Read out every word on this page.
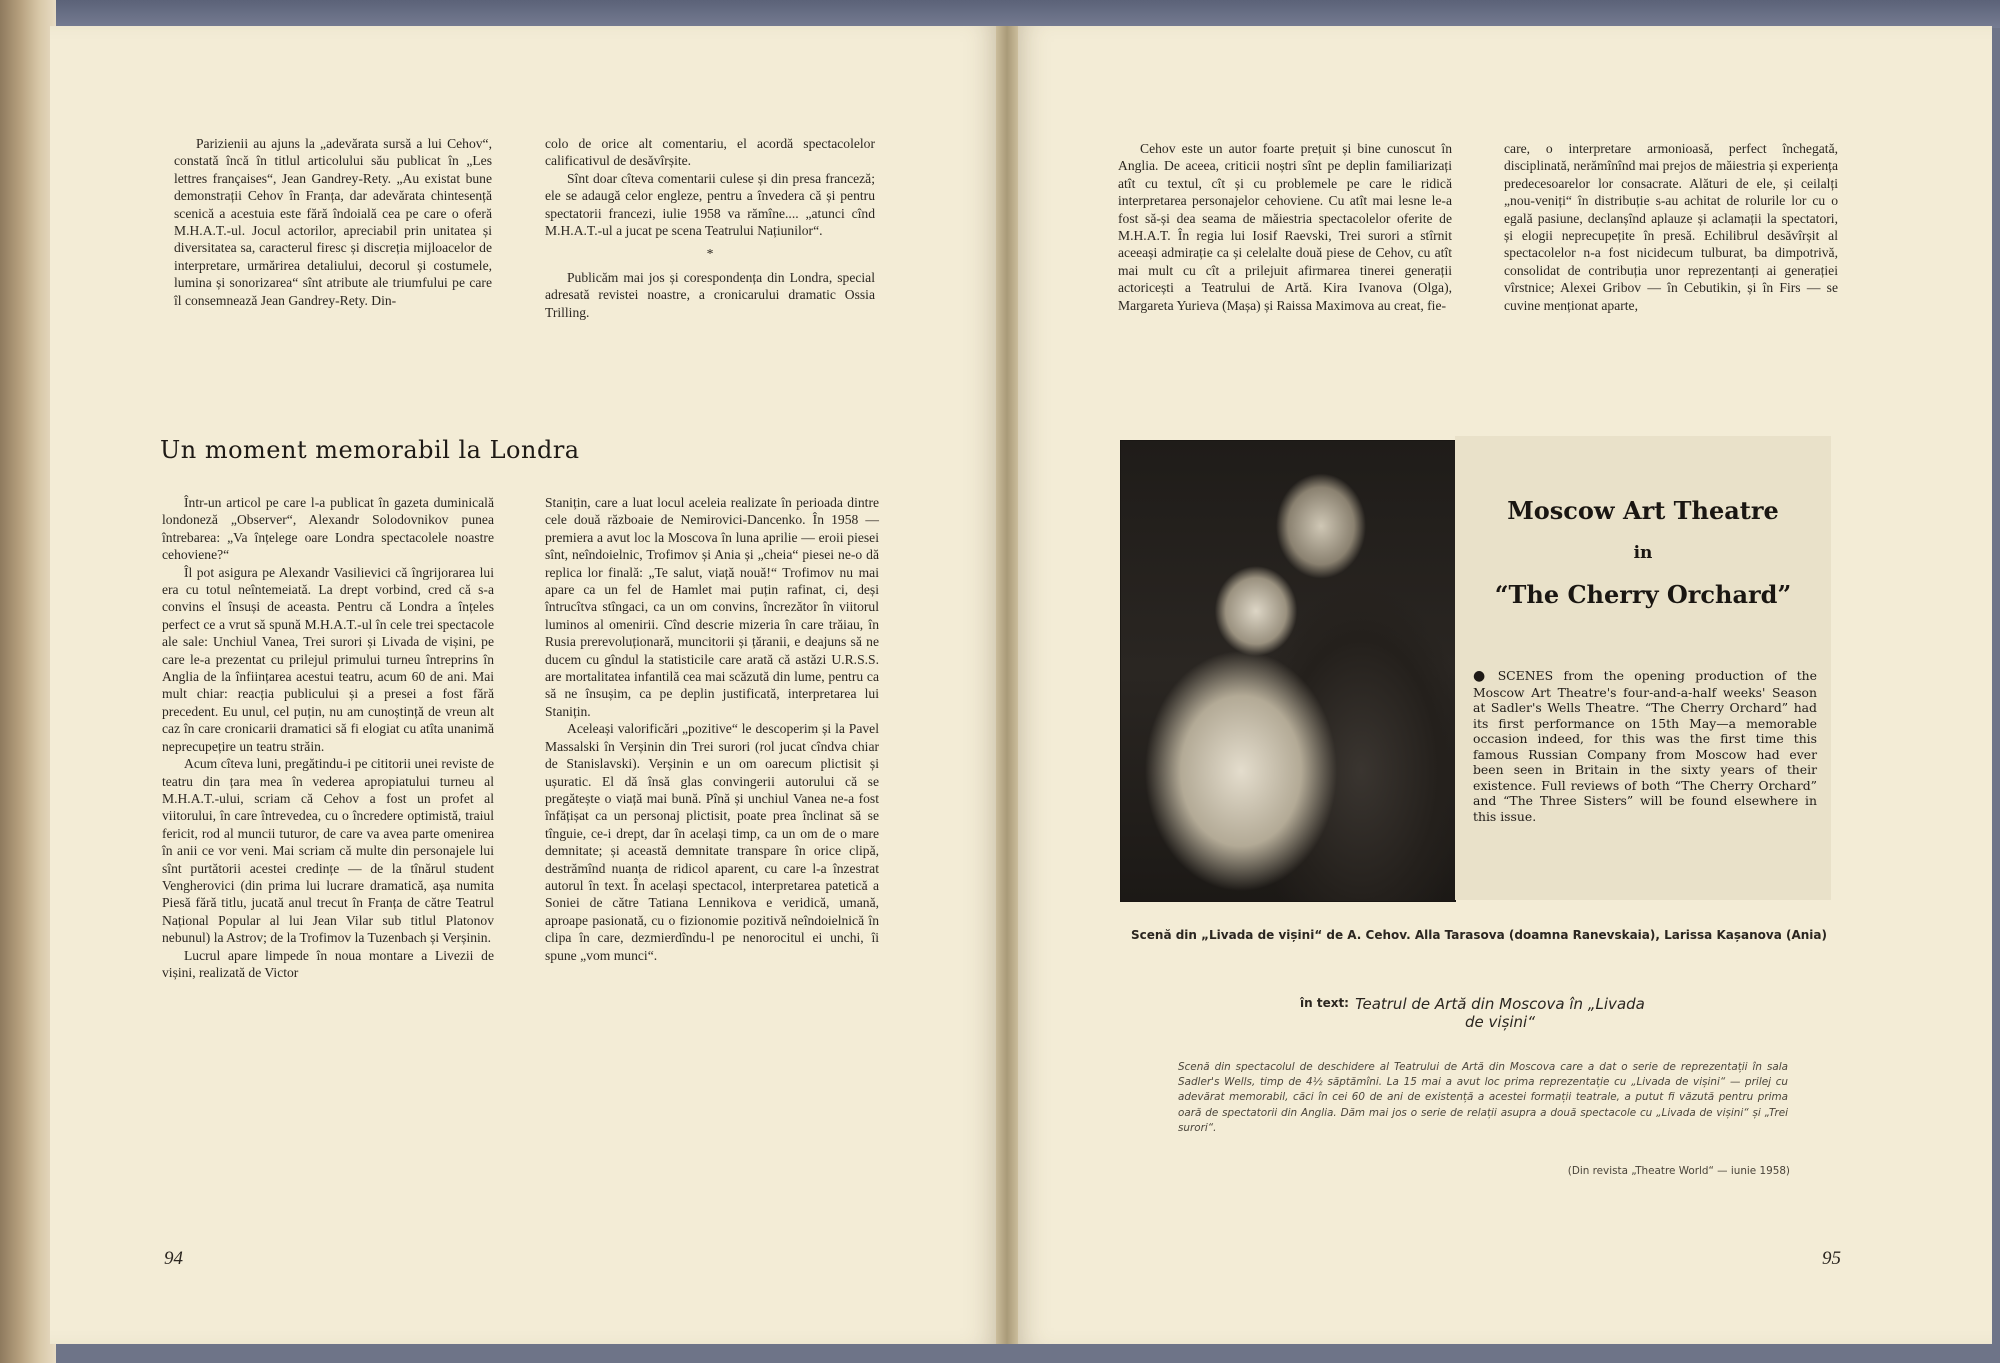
Parizienii au ajuns la „adevărata sursă a lui Cehov“, constată încă în titlul articolului său publicat în „Les lettres françaises“, Jean Gandrey-Rety. „Au existat bune demonstrații Cehov în Franța, dar adevărata chintesență scenică a acestuia este fără îndoială cea pe care o oferă M.H.A.T.-ul. Jocul actorilor, apreciabil prin unitatea și diversitatea sa, caracterul firesc și discreția mijloacelor de interpretare, urmărirea detaliului, decorul și costumele, lumina și sonorizarea“ sînt atribute ale triumfului pe care îl consemnează Jean Gandrey-Rety. Din-

colo de orice alt comentariu, el acordă spectacolelor calificativul de desăvîrșite.

Sînt doar cîteva comentarii culese și din presa franceză; ele se adaugă celor engleze, pentru a învedera că și pentru spectatorii francezi, iulie 1958 va rămîne.... „atunci cînd M.H.A.T.-ul a jucat pe scena Teatrului Națiunilor“.

*

Publicăm mai jos și corespondența din Londra, special adresată revistei noastre, a cronicarului dramatic Ossia Trilling.

Un moment memorabil la Londra

Într-un articol pe care l-a publicat în gazeta duminicală londoneză „Observer“, Alexandr Solodovnikov punea întrebarea: „Va înțelege oare Londra spectacolele noastre cehoviene?“

Îl pot asigura pe Alexandr Vasilievici că îngrijorarea lui era cu totul neîntemeiată. La drept vorbind, cred că s-a convins el însuși de aceasta. Pentru că Londra a înțeles perfect ce a vrut să spună M.H.A.T.-ul în cele trei spectacole ale sale: Unchiul Vanea, Trei surori și Livada de vișini, pe care le-a prezentat cu prilejul primului turneu întreprins în Anglia de la înființarea acestui teatru, acum 60 de ani. Mai mult chiar: reacția publicului și a presei a fost fără precedent. Eu unul, cel puțin, nu am cunoștință de vreun alt caz în care cronicarii dramatici să fi elogiat cu atîta unanimă neprecupețire un teatru străin.

Acum cîteva luni, pregătindu-i pe cititorii unei reviste de teatru din țara mea în vederea apropiatului turneu al M.H.A.T.-ului, scriam că Cehov a fost un profet al viitorului, în care întrevedea, cu o încredere optimistă, traiul fericit, rod al muncii tuturor, de care va avea parte omenirea în anii ce vor veni. Mai scriam că multe din personajele lui sînt purtătorii acestei credințe — de la tînărul student Vengherovici (din prima lui lucrare dramatică, așa numita Piesă fără titlu, jucată anul trecut în Franța de către Teatrul Național Popular al lui Jean Vilar sub titlul Platonov nebunul) la Astrov; de la Trofimov la Tuzenbach și Verșinin.

Lucrul apare limpede în noua montare a Livezii de vișini, realizată de Victor

Stanițin, care a luat locul aceleia realizate în perioada dintre cele două războaie de Nemirovici-Dancenko. În 1958 — premiera a avut loc la Moscova în luna aprilie — eroii piesei sînt, neîndoielnic, Trofimov și Ania și „cheia“ piesei ne-o dă replica lor finală: „Te salut, viață nouă!“ Trofimov nu mai apare ca un fel de Hamlet mai puțin rafinat, ci, deși întrucîtva stîngaci, ca un om convins, încrezător în viitorul luminos al omenirii. Cînd descrie mizeria în care trăiau, în Rusia prerevoluționară, muncitorii și țăranii, e deajuns să ne ducem cu gîndul la statisticile care arată că astăzi U.R.S.S. are mortalitatea infantilă cea mai scăzută din lume, pentru ca să ne însușim, ca pe deplin justificată, interpretarea lui Stanițin.

Aceleași valorificări „pozitive“ le descoperim și la Pavel Massalski în Verșinin din Trei surori (rol jucat cîndva chiar de Stanislavski). Verșinin e un om oarecum plictisit și ușuratic. El dă însă glas convingerii autorului că se pregătește o viață mai bună. Pînă și unchiul Vanea ne-a fost înfățișat ca un personaj plictisit, poate prea înclinat să se tînguie, ce-i drept, dar în același timp, ca un om de o mare demnitate; și această demnitate transpare în orice clipă, destrămînd nuanța de ridicol aparent, cu care l-a înzestrat autorul în text. În același spectacol, interpretarea patetică a Soniei de către Tatiana Lennikova e veridică, umană, aproape pasionată, cu o fizionomie pozitivă neîndoielnică în clipa în care, dezmierdîndu-l pe nenorocitul ei unchi, îi spune „vom munci“.

94

Cehov este un autor foarte prețuit și bine cunoscut în Anglia. De aceea, criticii noștri sînt pe deplin familiarizați atît cu textul, cît și cu problemele pe care le ridică interpretarea personajelor cehoviene. Cu atît mai lesne le-a fost să-și dea seama de măiestria spectacolelor oferite de M.H.A.T. În regia lui Iosif Raevski, Trei surori a stîrnit aceeași admirație ca și celelalte două piese de Cehov, cu atît mai mult cu cît a prilejuit afirmarea tinerei generații actoricești a Teatrului de Artă. Kira Ivanova (Olga), Margareta Yurieva (Mașa) și Raissa Maximova au creat, fie-

care, o interpretare armonioasă, perfect închegată, disciplinată, nerămînînd mai prejos de măiestria și experiența predecesoarelor lor consacrate. Alături de ele, și ceilalți „nou-veniți“ în distribuție s-au achitat de rolurile lor cu o egală pasiune, declanșînd aplauze și aclamații la spectatori, și elogii neprecupețite în presă. Echilibrul desăvîrșit al spectacolelor n-a fost nicidecum tulburat, ba dimpotrivă, consolidat de contribuția unor reprezentanți ai generației vîrstnice; Alexei Gribov — în Cebutikin, și în Firs — se cuvine menționat aparte,

Moscow Art Theatre
in
“The Cherry Orchard”
● SCENES from the opening production of the Moscow Art Theatre's four-and-a-half weeks' Season at Sadler's Wells Theatre. “The Cherry Orchard” had its first performance on 15th May—a memorable occasion indeed, for this was the first time this famous Russian Company from Moscow had ever been seen in Britain in the sixty years of their existence. Full reviews of both “The Cherry Orchard” and “The Three Sisters” will be found elsewhere in this issue.
Scenă din „Livada de vișini“ de A. Cehov. Alla Tarasova (doamna Ranevskaia), Larissa Kașanova (Ania)
în text: Teatrul de Artă din Moscova în „Livada de vișini“
Scenă din spectacolul de deschidere al Teatrului de Artă din Moscova care a dat o serie de reprezentații în sala Sadler's Wells, timp de 4½ săptămîni. La 15 mai a avut loc prima reprezentație cu „Livada de vișini“ — prilej cu adevărat memorabil, căci în cei 60 de ani de existență a acestei formații teatrale, a putut fi văzută pentru prima oară de spectatorii din Anglia. Dăm mai jos o serie de relații asupra a două spectacole cu „Livada de vișini“ și „Trei surori“.
(Din revista „Theatre World“ — iunie 1958)
95
